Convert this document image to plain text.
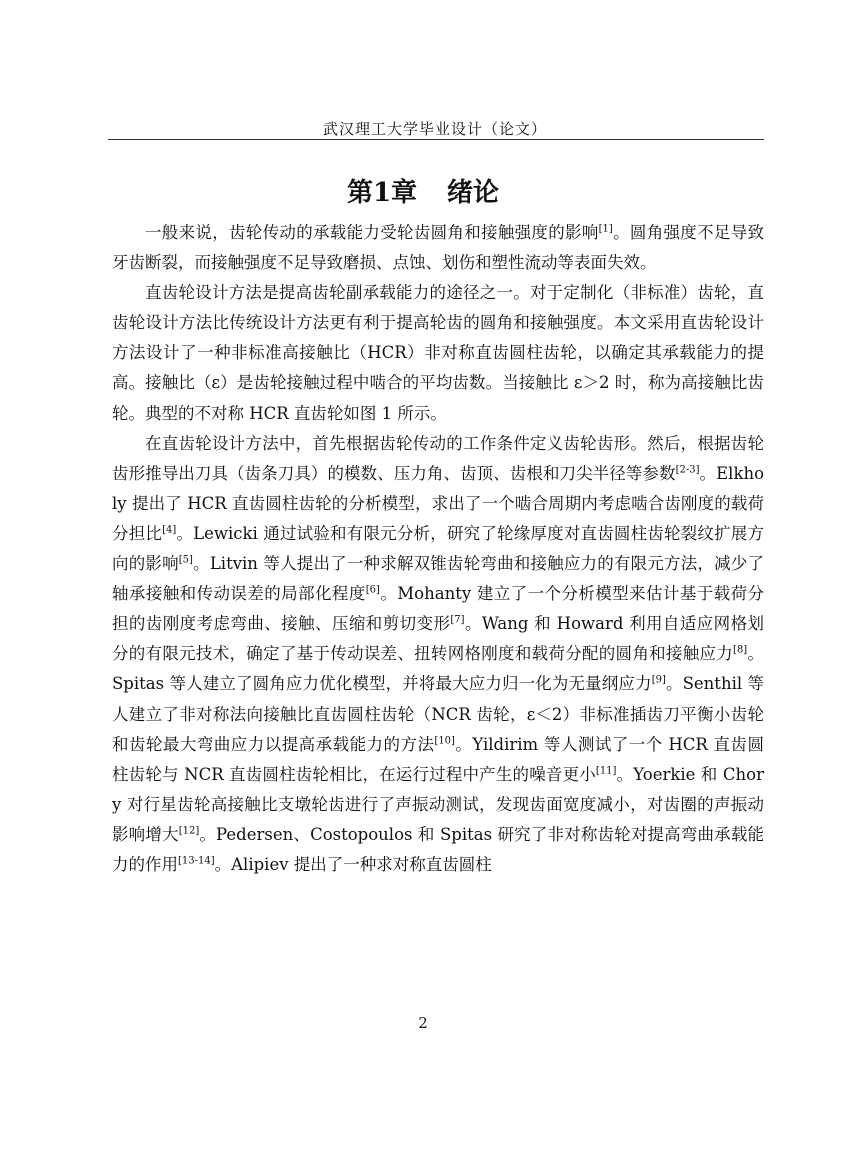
武汉理工大学毕业设计（论文）
第1章 绪论

一般来说，齿轮传动的承载能力受轮齿圆角和接触强度的影响[1]。圆角强度不足导致牙齿断裂，而接触强度不足导致磨损、点蚀、划伤和塑性流动等表面失效。

直齿轮设计方法是提高齿轮副承载能力的途径之一。对于定制化（非标准）齿轮，直齿轮设计方法比传统设计方法更有利于提高轮齿的圆角和接触强度。本文采用直齿轮设计方法设计了一种非标准高接触比（HCR）非对称直齿圆柱齿轮，以确定其承载能力的提高。接触比（ε）是齿轮接触过程中啮合的平均齿数。当接触比 ε＞2 时，称为高接触比齿轮。典型的不对称 HCR 直齿轮如图 1 所示。

在直齿轮设计方法中，首先根据齿轮传动的工作条件定义齿轮齿形。然后，根据齿轮齿形推导出刀具（齿条刀具）的模数、压力角、齿顶、齿根和刀尖半径等参数[2-3]。Elkholy 提出了 HCR 直齿圆柱齿轮的分析模型，求出了一个啮合周期内考虑啮合齿刚度的载荷分担比[4]。Lewicki 通过试验和有限元分析，研究了轮缘厚度对直齿圆柱齿轮裂纹扩展方向的影响[5]。Litvin 等人提出了一种求解双锥齿轮弯曲和接触应力的有限元方法，减少了轴承接触和传动误差的局部化程度[6]。Mohanty 建立了一个分析模型来估计基于载荷分担的齿刚度考虑弯曲、接触、压缩和剪切变形[7]。Wang 和 Howard 利用自适应网格划分的有限元技术，确定了基于传动误差、扭转网格刚度和载荷分配的圆角和接触应力[8]。Spitas 等人建立了圆角应力优化模型，并将最大应力归一化为无量纲应力[9]。Senthil 等人建立了非对称法向接触比直齿圆柱齿轮（NCR 齿轮，ε＜2）非标准插齿刀平衡小齿轮和齿轮最大弯曲应力以提高承载能力的方法[10]。Yildirim 等人测试了一个 HCR 直齿圆柱齿轮与 NCR 直齿圆柱齿轮相比，在运行过程中产生的噪音更小[11]。Yoerkie 和 Chory 对行星齿轮高接触比支墩轮齿进行了声振动测试，发现齿面宽度减小，对齿圈的声振动影响增大[12]。Pedersen、Costopoulos 和 Spitas 研究了非对称齿轮对提高弯曲承载能力的作用[13-14]。Alipiev 提出了一种求对称直齿圆柱

2
